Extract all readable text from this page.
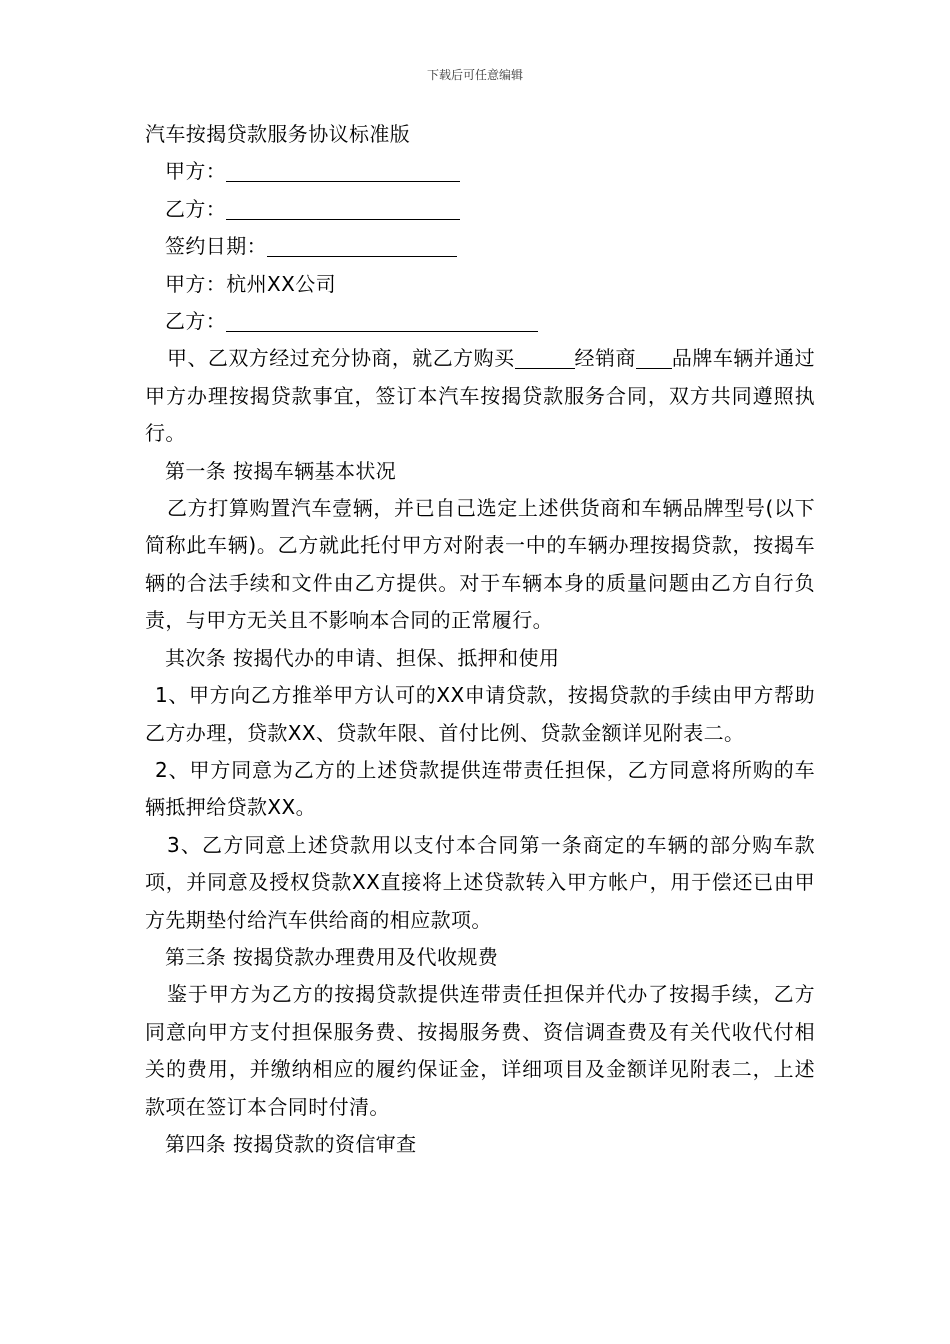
下载后可任意编辑

汽车按揭贷款服务协议标准版

甲方：

乙方：

签约日期：

甲方：杭州XX公司

乙方：

甲、乙双方经过充分协商，就乙方购买	经销商 品牌车辆并通过甲方办理按揭贷款事宜，签订本汽车按揭贷款服务合同，双方共同遵照执行。

第一条 按揭车辆基本状况

乙方打算购置汽车壹辆，并已自己选定上述供货商和车辆品牌型号(以下简称此车辆)。乙方就此托付甲方对附表一中的车辆办理按揭贷款，按揭车辆的合法手续和文件由乙方提供。对于车辆本身的质量问题由乙方自行负责，与甲方无关且不影响本合同的正常履行。

其次条 按揭代办的申请、担保、抵押和使用

1、甲方向乙方推举甲方认可的XX申请贷款，按揭贷款的手续由甲方帮助乙方办理，贷款XX、贷款年限、首付比例、贷款金额详见附表二。

2、甲方同意为乙方的上述贷款提供连带责任担保，乙方同意将所购的车辆抵押给贷款XX。

3、乙方同意上述贷款用以支付本合同第一条商定的车辆的部分购车款项，并同意及授权贷款XX直接将上述贷款转入甲方帐户，用于偿还已由甲方先期垫付给汽车供给商的相应款项。

第三条 按揭贷款办理费用及代收规费

鉴于甲方为乙方的按揭贷款提供连带责任担保并代办了按揭手续，乙方同意向甲方支付担保服务费、按揭服务费、资信调查费及有关代收代付相关的费用，并缴纳相应的履约保证金，详细项目及金额详见附表二，上述款项在签订本合同时付清。

第四条 按揭贷款的资信审查
